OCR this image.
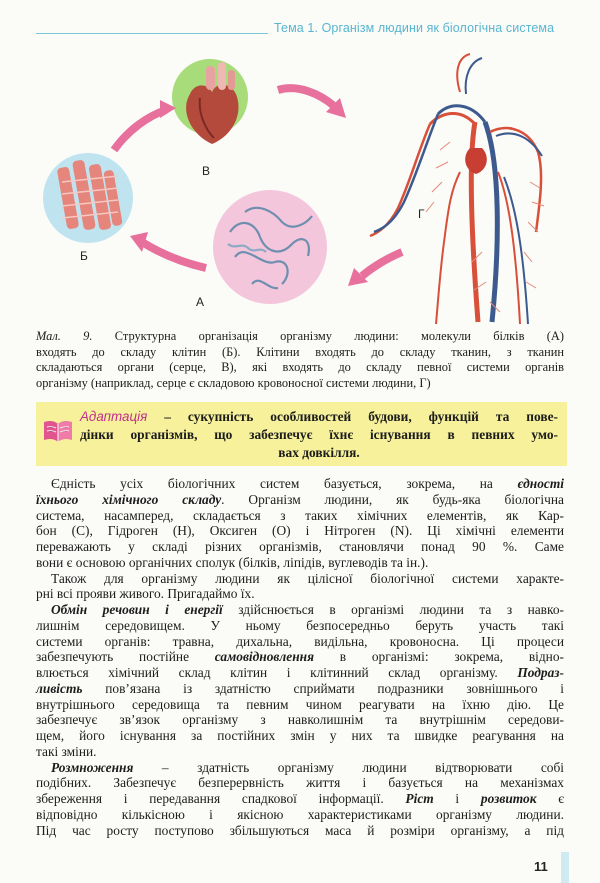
Тема 1. Організм людини як біологічна система
В
Б
А
Г
Мал. 9. Структурна організація організму людини: молекули білків (А)
входять до складу клітин (Б). Клітини входять до складу тканин, з тканин
складаються органи (серце, В), які входять до складу певної системи органів
організму (наприклад, серце є складовою кровоносної системи людини, Г)
Адаптація – сукупність особливостей будови, функцій та пове-
дінки організмів, що забезпечує їхнє існування в певних умо-
вах довкілля.
Єдність усіх біологічних систем базується, зокрема, на єдності
їхнього хімічного складу. Організм людини, як будь-яка біологічна
система, насамперед, складається з таких хімічних елементів, як Кар-
бон (С), Гідроген (Н), Оксиген (О) і Нітроген (N). Ці хімічні елементи
переважають у складі різних організмів, становлячи понад 90 %. Саме
вони є основою органічних сполук (білків, ліпідів, вуглеводів та ін.).
Також для організму людини як цілісної біологічної системи характе-
рні всі прояви живого. Пригадаймо їх.
Обмін речовин і енергії здійснюється в організмі людини та з навко-
лишнім середовищем. У ньому безпосередньо беруть участь такі
системи органів: травна, дихальна, видільна, кровоносна. Ці процеси
забезпечують постійне самовідновлення в організмі: зокрема, відно-
влюється хімічний склад клітин і клітинний склад організму. Подраз-
ливість пов’язана із здатністю сприймати подразники зовнішнього і
внутрішнього середовища та певним чином реагувати на їхню дію. Це
забезпечує зв’язок організму з навколишнім та внутрішнім середови-
щем, його існування за постійних змін у них та швидке реагування на
такі зміни.
Розмноження – здатність організму людини відтворювати собі
подібних. Забезпечує безперервність життя і базується на механізмах
збереження і передавання спадкової інформації. Ріст і розвиток є
відповідно кількісною і якісною характеристиками організму людини.
Під час росту поступово збільшуються маса й розміри організму, а під
11
